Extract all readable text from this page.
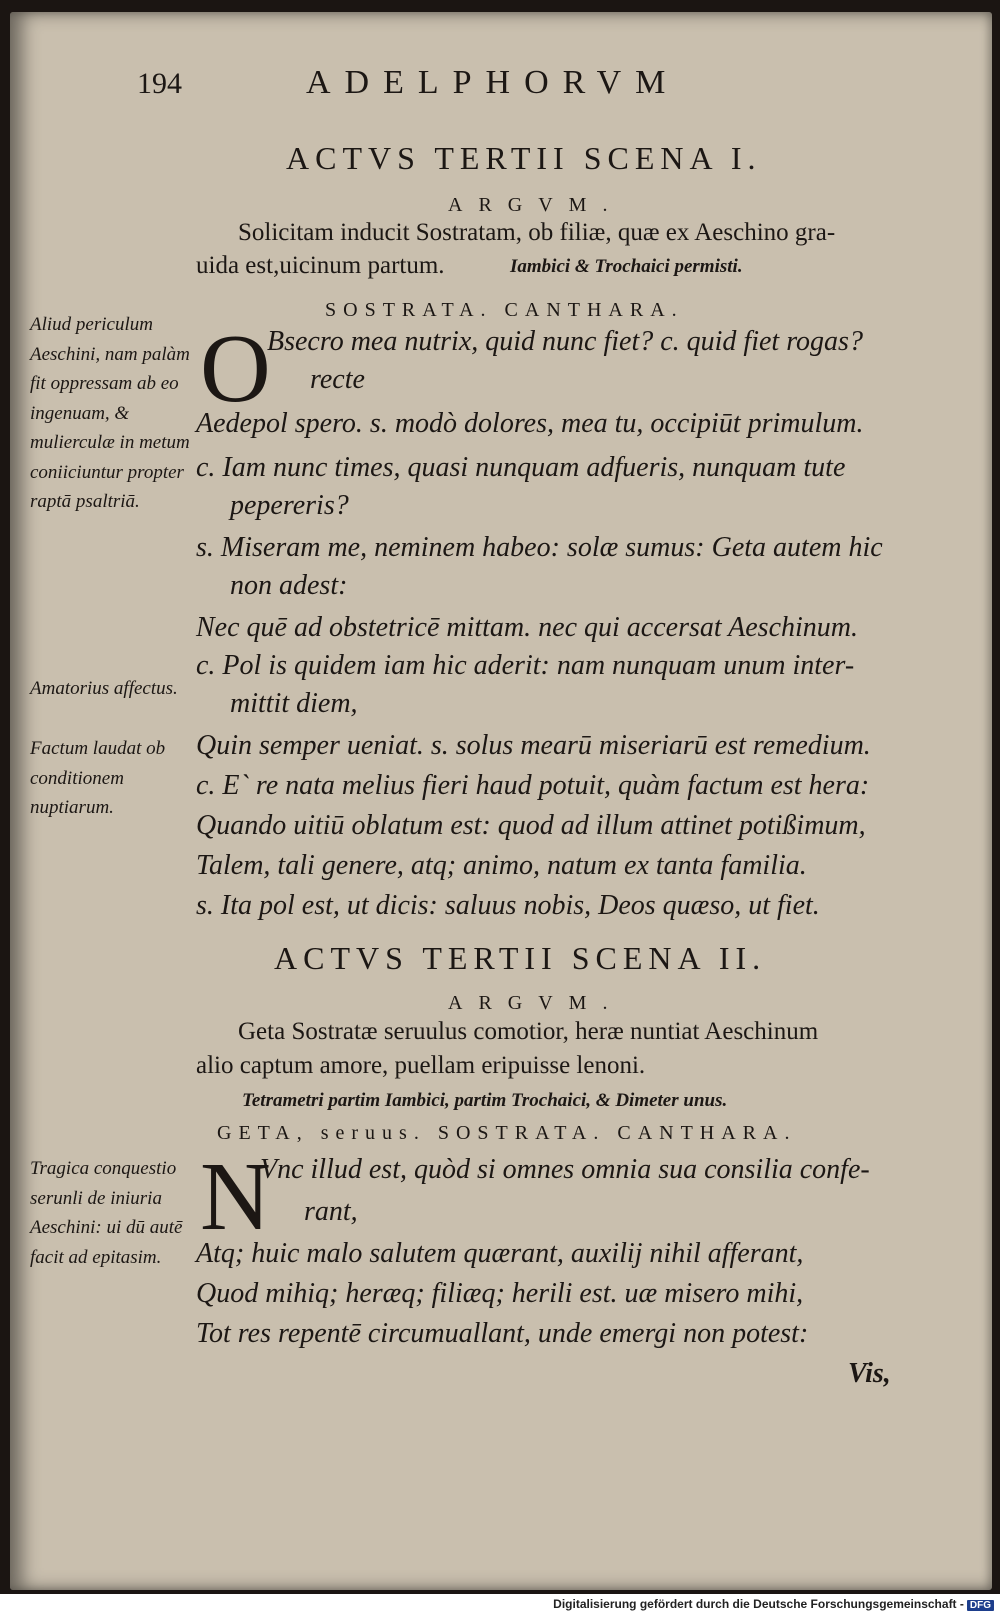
194	ADELPHORVM
ACTVS TERTII SCENA I.
ARGVM.
Solicitam inducit Sostratam, ob filiæ, quæ ex Aeschino gra-
uida est,uicinum partum.	Iambici & Trochaici permisti.
SOSTRATA. CANTHARA.
O
Bsecro mea nutrix, quid nunc fiet? c. quid fiet rogas?
recte
Aedepol spero. s. modò dolores, mea tu, occipiūt primulum.
c. Iam nunc times, quasi nunquam adfueris, nunquam tute
pepereris?
s. Miseram me, neminem habeo: solæ sumus: Geta autem hic
non adest:
Nec quē ad obstetricē mittam. nec qui accersat Aeschinum.
c. Pol is quidem iam hic aderit: nam nunquam unum inter-
mittit diem,
Quin semper ueniat. s. solus mearū miseriarū est remedium.
c. E` re nata melius fieri haud potuit, quàm factum est hera:
Quando uitiū oblatum est: quod ad illum attinet potißimum,
Talem, tali genere, atq; animo, natum ex tanta familia.
s. Ita pol est, ut dicis: saluus nobis, Deos quæso, ut fiet.
Aliud periculum Aeschini, nam palàm fit oppressam ab eo ingenuam, & mulierculæ in metum coniiciuntur propter raptā psaltriā.
Amatorius affectus.
Factum laudat ob conditionem nuptiarum.
ACTVS TERTII SCENA II.
ARGVM.
Geta Sostratæ seruulus comotior, heræ nuntiat Aeschinum
alio captum amore, puellam eripuisse lenoni.
Tetrametri partim Iambici, partim Trochaici, & Dimeter unus.
GETA, seruus. SOSTRATA. CANTHARA.
N
Vnc illud est, quòd si omnes omnia sua consilia confe-
rant,
Atq; huic malo salutem quærant, auxilij nihil afferant,
Quod mihiq; heræq; filiæq; herili est. uæ misero mihi,
Tot res repentē circumuallant, unde emergi non potest:
Vis,
Tragica conquestio serunli de iniuria Aeschini: ui dū autē facit ad epitasim.
Digitalisierung gefördert durch die Deutsche Forschungsgemeinschaft - DFG
